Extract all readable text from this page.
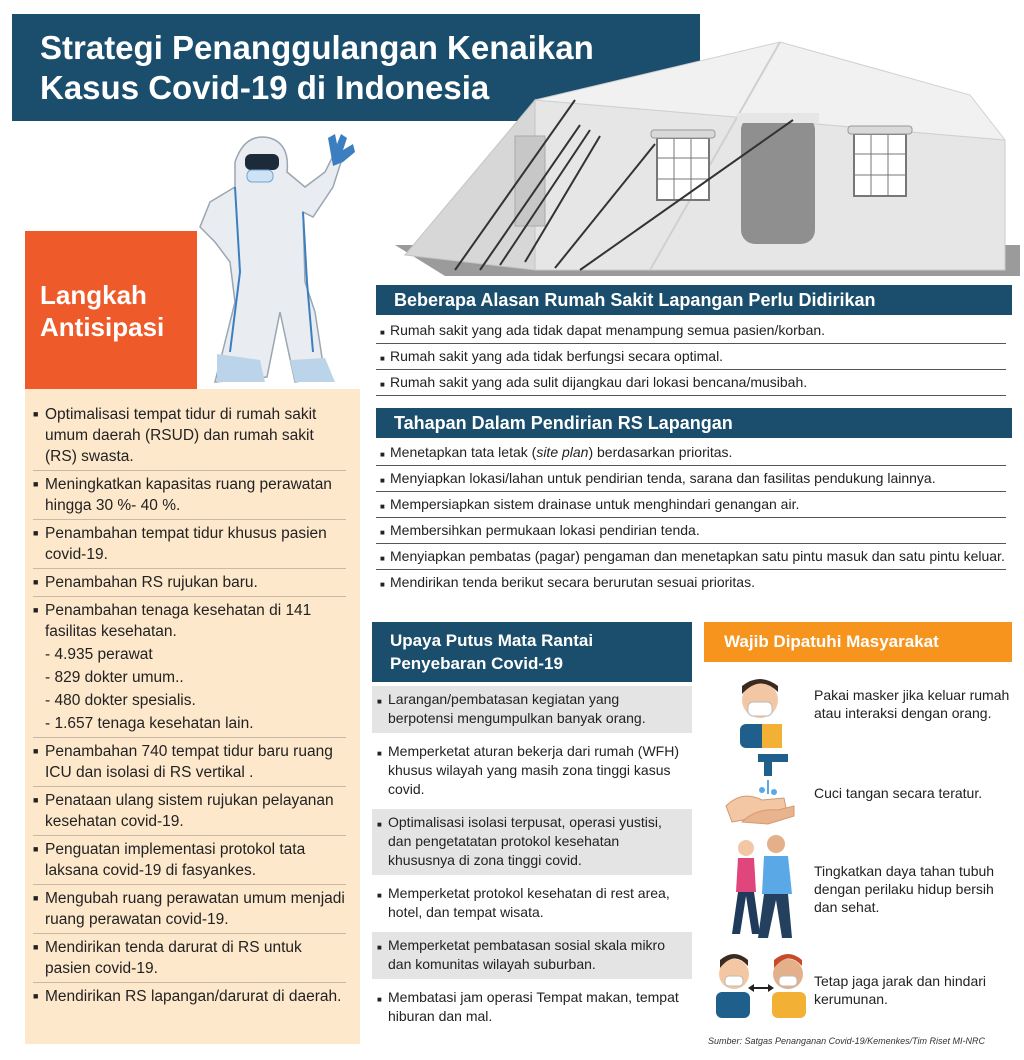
Strategi Penanggulangan Kenaikan
Kasus Covid-19 di Indonesia
Langkah
Antisipasi
■ Optimalisasi tempat tidur di rumah sakit umum daerah (RSUD) dan rumah sakit (RS) swasta.
■ Meningkatkan kapasitas ruang perawatan hingga 30 %- 40 %.
■ Penambahan tempat tidur khusus pasien covid-19.
■ Penambahan RS rujukan baru.
■ Penambahan tenaga kesehatan di 141 fasilitas kesehatan.
- 4.935 perawat
- 829 dokter umum..
- 480 dokter spesialis.
- 1.657 tenaga kesehatan lain.
■ Penambahan 740 tempat tidur baru ruang ICU dan isolasi di RS vertikal .
■ Penataan ulang sistem rujukan pelayanan kesehatan covid-19.
■ Penguatan implementasi protokol tata laksana covid-19 di fasyankes.
■ Mengubah ruang perawatan umum menjadi ruang perawatan covid-19.
■ Mendirikan tenda darurat di RS untuk pasien covid-19.
■ Mendirikan RS lapangan/darurat di daerah.
Beberapa Alasan Rumah Sakit Lapangan Perlu Didirikan
■ Rumah sakit yang ada tidak dapat menampung semua pasien/korban.
■ Rumah sakit yang ada tidak berfungsi secara optimal.
■ Rumah sakit yang ada sulit dijangkau dari lokasi bencana/musibah.
Tahapan Dalam Pendirian RS Lapangan
■ Menetapkan tata letak (site plan) berdasarkan prioritas.
■ Menyiapkan lokasi/lahan untuk pendirian tenda, sarana dan fasilitas pendukung lainnya.
■ Mempersiapkan sistem drainase untuk menghindari genangan air.
■ Membersihkan permukaan lokasi pendirian tenda.
■ Menyiapkan pembatas (pagar) pengaman dan menetapkan satu pintu masuk dan satu pintu keluar.
■ Mendirikan tenda berikut secara berurutan sesuai prioritas.
Upaya Putus Mata Rantai
Penyebaran Covid-19
■ Larangan/pembatasan kegiatan yang berpotensi mengumpulkan banyak orang.
■ Memperketat aturan bekerja dari rumah (WFH) khusus wilayah yang masih zona tinggi kasus covid.
■ Optimalisasi isolasi terpusat, operasi yustisi, dan pengetatatan protokol kesehatan khususnya di zona tinggi covid.
■ Memperketat protokol kesehatan di rest area, hotel, dan tempat wisata.
■ Memperketat pembatasan sosial skala mikro dan komunitas wilayah suburban.
■ Membatasi jam operasi Tempat makan, tempat hiburan dan mal.
Wajib Dipatuhi Masyarakat
Pakai masker jika keluar rumah atau interaksi dengan orang.
Cuci tangan secara teratur.
Tingkatkan daya tahan tubuh dengan perilaku hidup bersih dan sehat.
Tetap jaga jarak dan hindari kerumunan.
Sumber: Satgas Penanganan Covid-19/Kemenkes/Tim Riset MI-NRC
